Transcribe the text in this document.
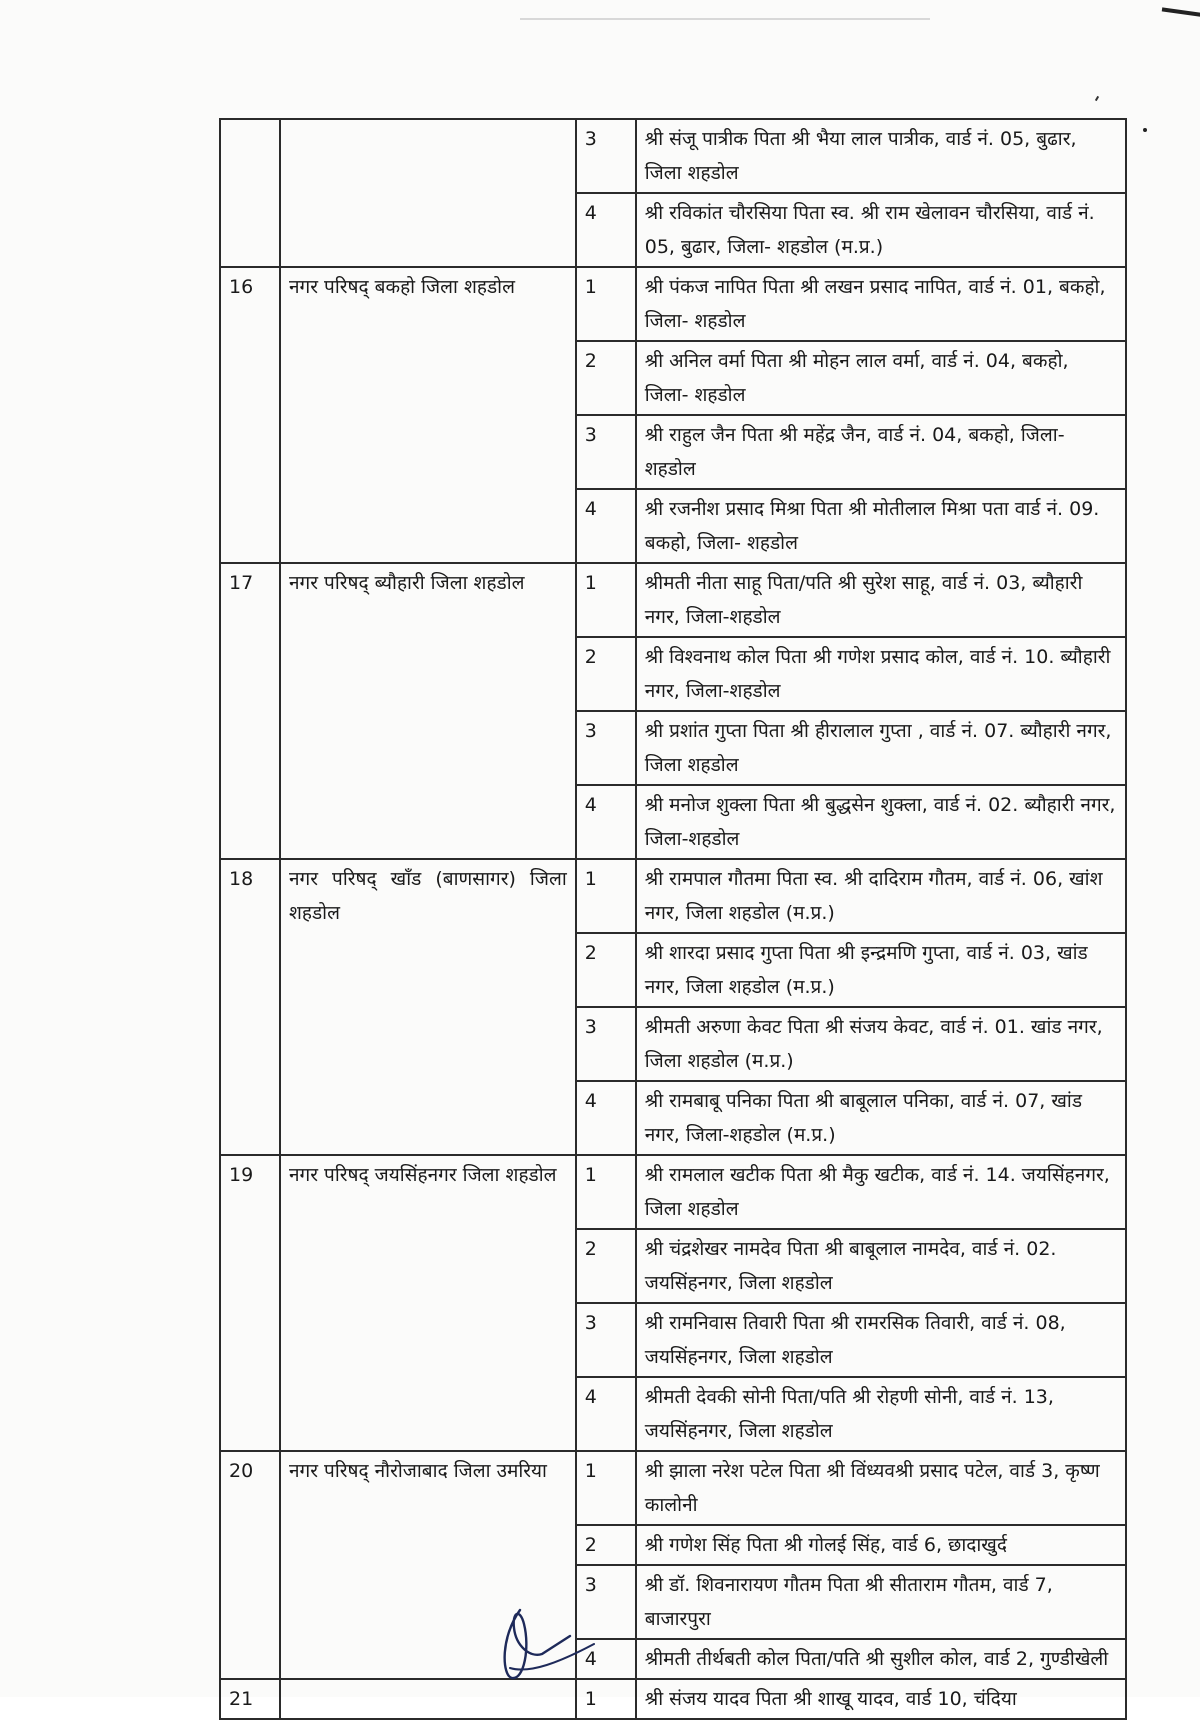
		3	श्री संजू पात्रीक पिता श्री भैया लाल पात्रीक, वार्ड नं. 05, बुढार, जिला शहडोल
		4	श्री रविकांत चौरसिया पिता स्व. श्री राम खेलावन चौरसिया, वार्ड नं. 05, बुढार, जिला- शहडोल (म.प्र.)
16	नगर परिषद् बकहो जिला शहडोल	1	श्री पंकज नापित पिता श्री लखन प्रसाद नापित, वार्ड नं. 01, बकहो, जिला- शहडोल
		2	श्री अनिल वर्मा पिता श्री मोहन लाल वर्मा, वार्ड नं. 04, बकहो, जिला- शहडोल
		3	श्री राहुल जैन पिता श्री महेंद्र जैन, वार्ड नं. 04, बकहो, जिला- शहडोल
		4	श्री रजनीश प्रसाद मिश्रा पिता श्री मोतीलाल मिश्रा पता वार्ड नं. 09. बकहो, जिला- शहडोल
17	नगर परिषद् ब्यौहारी जिला शहडोल	1	श्रीमती नीता साहू पिता/पति श्री सुरेश साहू, वार्ड नं. 03, ब्यौहारी नगर, जिला-शहडोल
		2	श्री विश्वनाथ कोल पिता श्री गणेश प्रसाद कोल, वार्ड नं. 10. ब्यौहारी नगर, जिला-शहडोल
		3	श्री प्रशांत गुप्ता पिता श्री हीरालाल गुप्ता , वार्ड नं. 07. ब्यौहारी नगर, जिला शहडोल
		4	श्री मनोज शुक्ला पिता श्री बुद्धसेन शुक्ला, वार्ड नं. 02. ब्यौहारी नगर, जिला-शहडोल
18	नगर परिषद् खाँड (बाणसागर) जिला शहडोल	1	श्री रामपाल गौतमा पिता स्व. श्री दादिराम गौतम, वार्ड नं. 06, खांश नगर, जिला शहडोल (म.प्र.)
		2	श्री शारदा प्रसाद गुप्ता पिता श्री इन्द्रमणि गुप्ता, वार्ड नं. 03, खांड नगर, जिला शहडोल (म.प्र.)
		3	श्रीमती अरुणा केवट पिता श्री संजय केवट, वार्ड नं. 01. खांड नगर, जिला शहडोल (म.प्र.)
		4	श्री रामबाबू पनिका पिता श्री बाबूलाल पनिका, वार्ड नं. 07, खांड नगर, जिला-शहडोल (म.प्र.)
19	नगर परिषद् जयसिंहनगर जिला शहडोल	1	श्री रामलाल खटीक पिता श्री मैकु खटीक, वार्ड नं. 14. जयसिंहनगर, जिला शहडोल
		2	श्री चंद्रशेखर नामदेव पिता श्री बाबूलाल नामदेव, वार्ड नं. 02. जयसिंहनगर, जिला शहडोल
		3	श्री रामनिवास तिवारी पिता श्री रामरसिक तिवारी, वार्ड नं. 08, जयसिंहनगर, जिला शहडोल
		4	श्रीमती देवकी सोनी पिता/पति श्री रोहणी सोनी, वार्ड नं. 13, जयसिंहनगर, जिला शहडोल
20	नगर परिषद् नौरोजाबाद जिला उमरिया	1	श्री झाला नरेश पटेल पिता श्री विंध्यवश्री प्रसाद पटेल, वार्ड 3, कृष्ण कालोनी
		2	श्री गणेश सिंह पिता श्री गोलई सिंह, वार्ड 6, छादाखुर्द
		3	श्री डॉ. शिवनारायण गौतम पिता श्री सीताराम गौतम, वार्ड 7, बाजारपुरा
		4	श्रीमती तीर्थबती कोल पिता/पति श्री सुशील कोल, वार्ड 2, गुण्डीखेली
21		1	श्री संजय यादव पिता श्री शाखू यादव, वार्ड 10, चंदिया
